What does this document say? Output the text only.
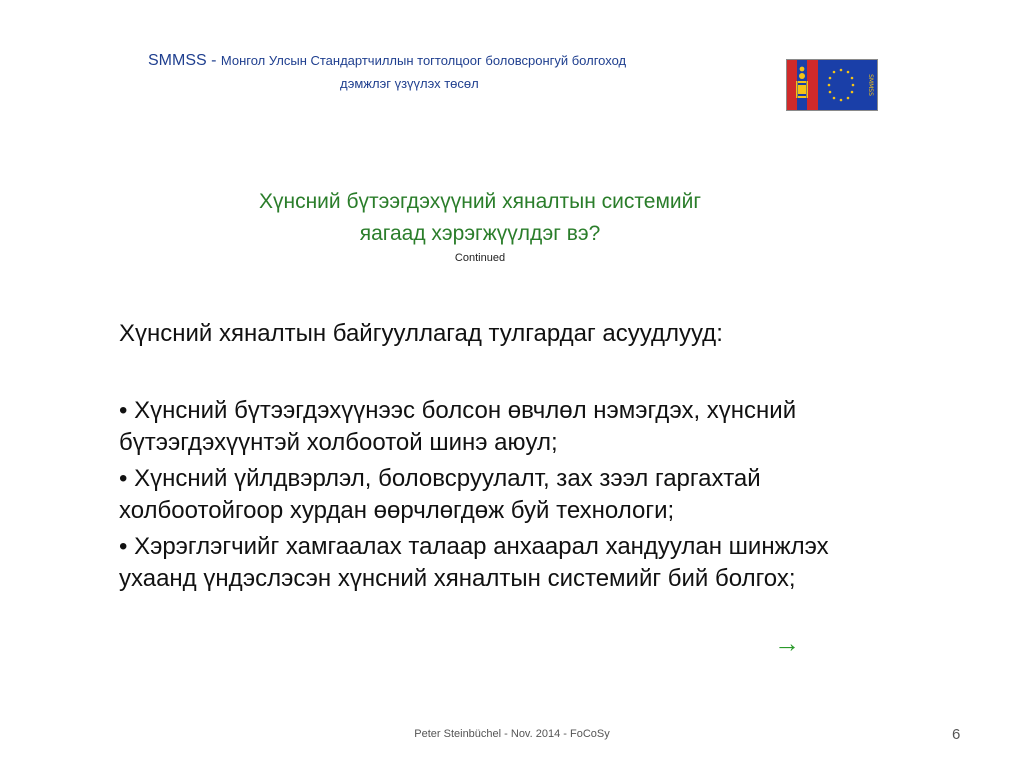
SMMSS - Монгол Улсын Стандартчиллын тогтолцоог боловсронгуй болгоход
дэмжлэг үзүүлэх төсөл	SMMSS
Хүнсний бүтээгдэхүүний хяналтын системийг
яагаад хэрэгжүүлдэг вэ?
Continued
Хүнсний хяналтын байгууллагад тулгардаг асуудлууд:
• Хүнсний бүтээгдэхүүнээс болсон өвчлөл нэмэгдэх, хүнсний бүтээгдэхүүнтэй холбоотой шинэ аюул;
• Хүнсний үйлдвэрлэл, боловсруулалт, зах зээл гаргахтай холбоотойгоор хурдан өөрчлөгдөж буй технологи;
• Хэрэглэгчийг хамгаалах талаар анхаарал хандуулан шинжлэх ухаанд үндэслэсэн хүнсний хяналтын системийг бий болгох;
→
Peter Steinbüchel - Nov. 2014 - FoCoSy	6
